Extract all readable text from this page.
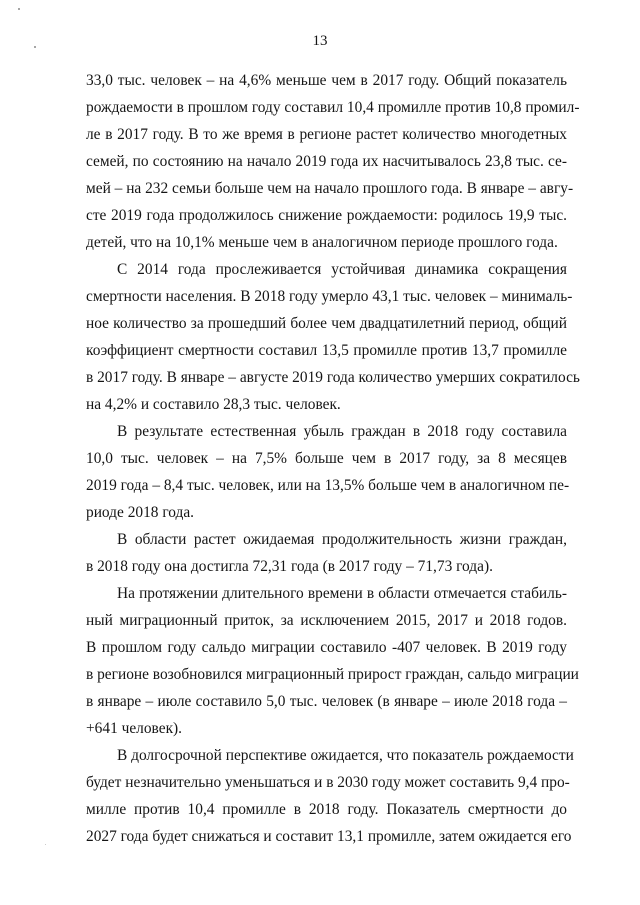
13
33,0 тыс. человек – на 4,6% меньше чем в 2017 году. Общий показатель
рождаемости в прошлом году составил 10,4 промилле против 10,8 промил-
ле в 2017 году. В то же время в регионе растет количество многодетных
семей, по состоянию на начало 2019 года их насчитывалось 23,8 тыс. се-
мей – на 232 семьи больше чем на начало прошлого года. В январе – авгу-
сте 2019 года продолжилось снижение рождаемости: родилось 19,9 тыс.
детей, что на 10,1% меньше чем в аналогичном периоде прошлого года.
С 2014 года прослеживается устойчивая динамика сокращения
смертности населения. В 2018 году умерло 43,1 тыс. человек – минималь-
ное количество за прошедший более чем двадцатилетний период, общий
коэффициент смертности составил 13,5 промилле против 13,7 промилле
в 2017 году. В январе – августе 2019 года количество умерших сократилось
на 4,2% и составило 28,3 тыс. человек.
В результате естественная убыль граждан в 2018 году составила
10,0 тыс. человек – на 7,5% больше чем в 2017 году, за 8 месяцев
2019 года – 8,4 тыс. человек, или на 13,5% больше чем в аналогичном пе-
риоде 2018 года.
В области растет ожидаемая продолжительность жизни граждан,
в 2018 году она достигла 72,31 года (в 2017 году – 71,73 года).
На протяжении длительного времени в области отмечается стабиль-
ный миграционный приток, за исключением 2015, 2017 и 2018 годов.
В прошлом году сальдо миграции составило -407 человек. В 2019 году
в регионе возобновился миграционный прирост граждан, сальдо миграции
в январе – июле составило 5,0 тыс. человек (в январе – июле 2018 года –
+641 человек).
В долгосрочной перспективе ожидается, что показатель рождаемости
будет незначительно уменьшаться и в 2030 году может составить 9,4 про-
милле против 10,4 промилле в 2018 году. Показатель смертности до
2027 года будет снижаться и составит 13,1 промилле, затем ожидается его
